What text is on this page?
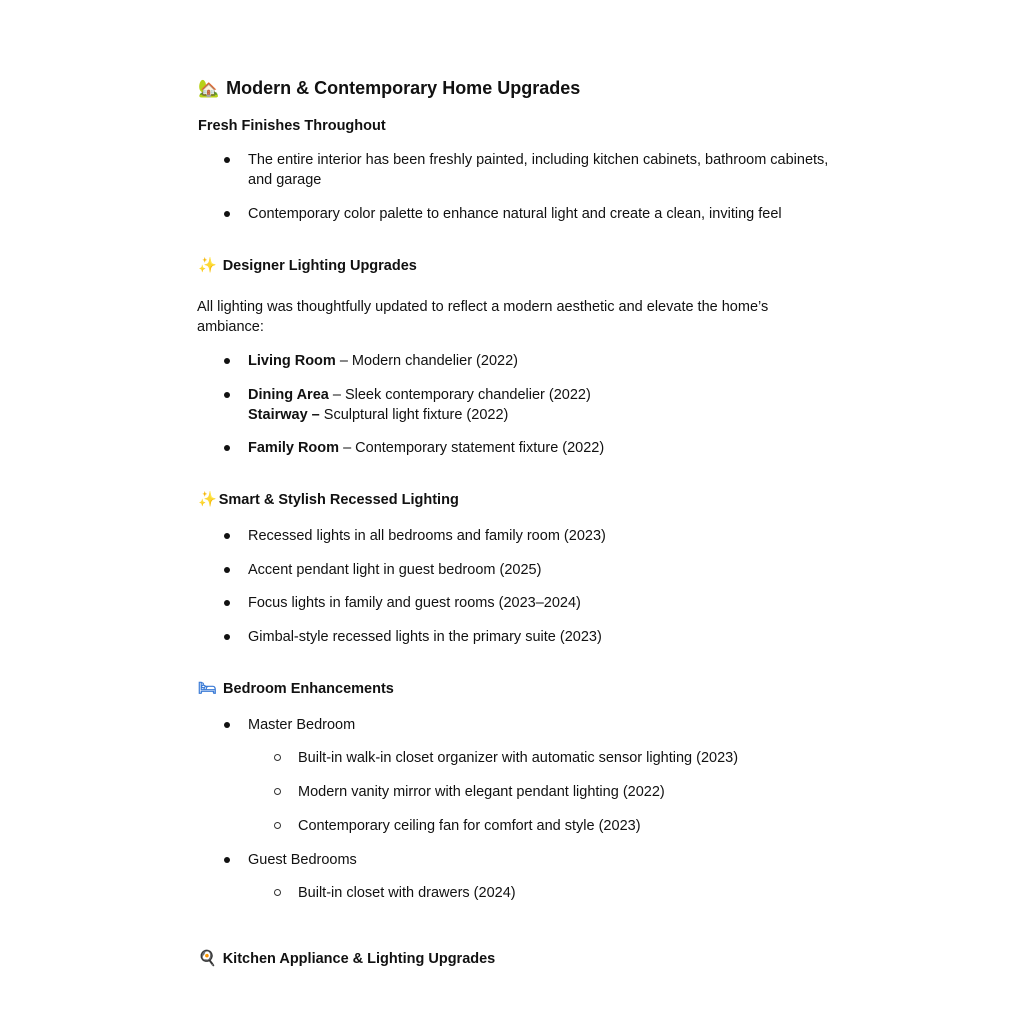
🏡 Modern & Contemporary Home Upgrades
Fresh Finishes Throughout
The entire interior has been freshly painted, including kitchen cabinets, bathroom cabinets, and garage
Contemporary color palette to enhance natural light and create a clean, inviting feel
✨ Designer Lighting Upgrades
All lighting was thoughtfully updated to reflect a modern aesthetic and elevate the home’s ambiance:
Living Room – Modern chandelier (2022)
Dining Area – Sleek contemporary chandelier (2022)
Stairway – Sculptural light fixture (2022)
Family Room – Contemporary statement fixture (2022)
✨ Smart & Stylish Recessed Lighting
Recessed lights in all bedrooms and family room (2023)
Accent pendant light in guest bedroom (2025)
Focus lights in family and guest rooms (2023–2024)
Gimbal-style recessed lights in the primary suite (2023)
🛏 Bedroom Enhancements
Master Bedroom
Built-in walk-in closet organizer with automatic sensor lighting (2023)
Modern vanity mirror with elegant pendant lighting (2022)
Contemporary ceiling fan for comfort and style (2023)
Guest Bedrooms
Built-in closet with drawers (2024)
🍳 Kitchen Appliance & Lighting Upgrades
